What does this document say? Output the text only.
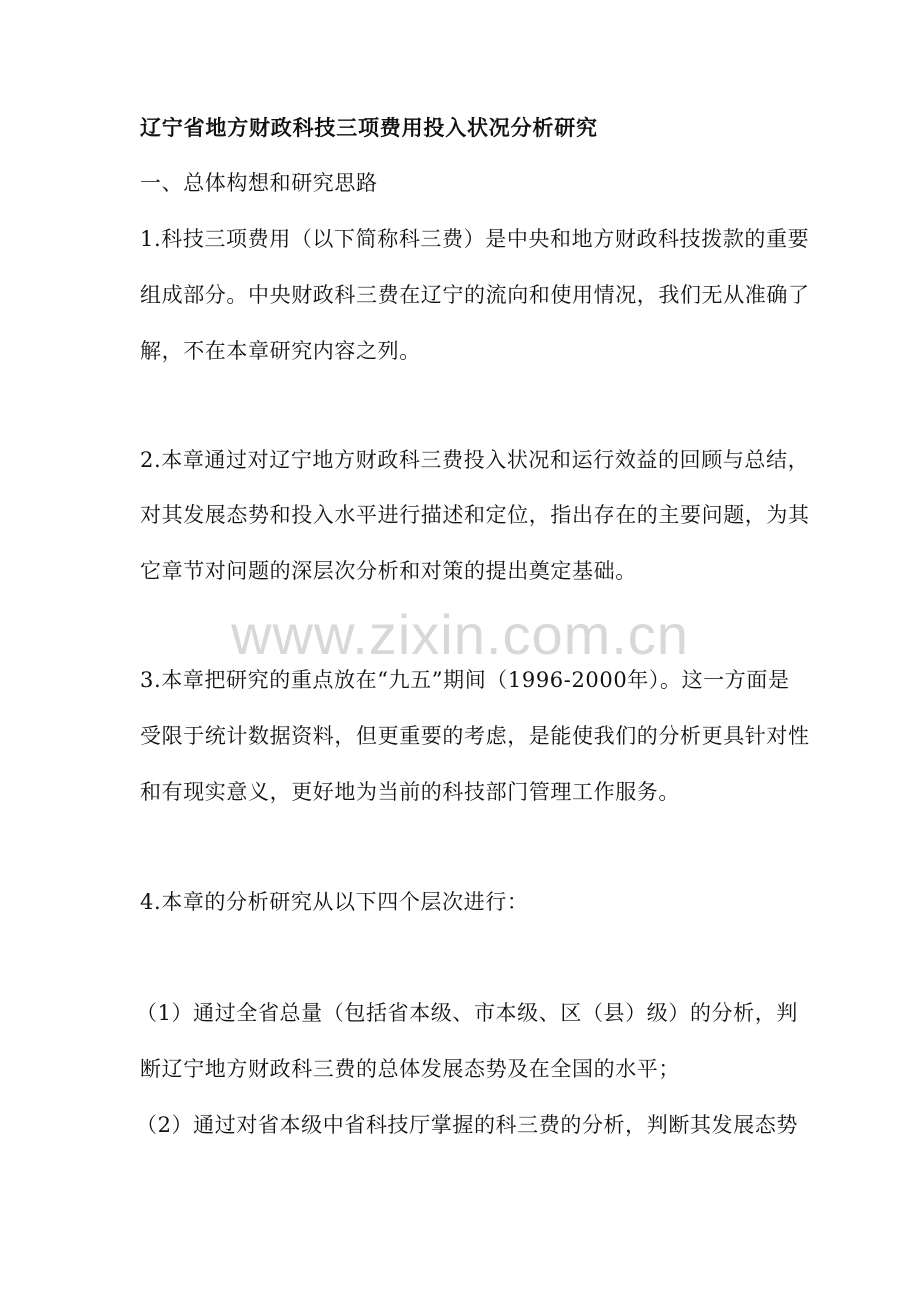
www.zixin.com.cn
辽宁省地方财政科技三项费用投入状况分析研究
一、总体构想和研究思路
1.科技三项费用（以下简称科三费）是中央和地方财政科技拨款的重要
组成部分。中央财政科三费在辽宁的流向和使用情况，我们无从准确了
解，不在本章研究内容之列。
2.本章通过对辽宁地方财政科三费投入状况和运行效益的回顾与总结，
对其发展态势和投入水平进行描述和定位，指出存在的主要问题，为其
它章节对问题的深层次分析和对策的提出奠定基础。
3.本章把研究的重点放在“九五”期间（1996-2000年）。这一方面是
受限于统计数据资料，但更重要的考虑，是能使我们的分析更具针对性
和有现实意义，更好地为当前的科技部门管理工作服务。
4.本章的分析研究从以下四个层次进行：
（1）通过全省总量（包括省本级、市本级、区（县）级）的分析，判
断辽宁地方财政科三费的总体发展态势及在全国的水平；
（2）通过对省本级中省科技厅掌握的科三费的分析，判断其发展态势
